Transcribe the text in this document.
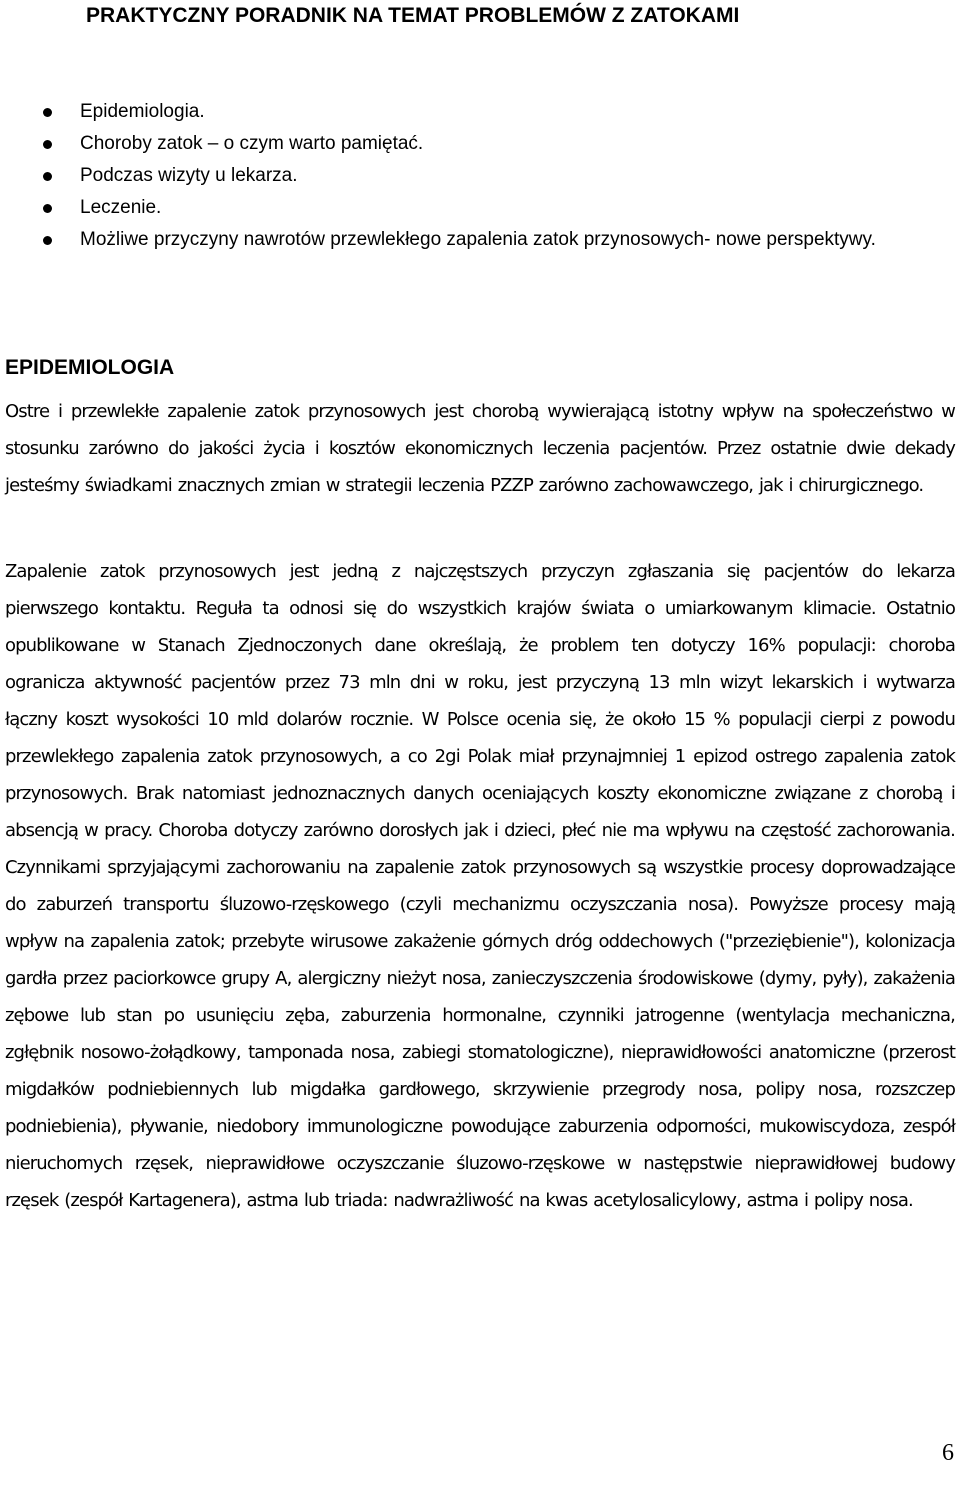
PRAKTYCZNY PORADNIK NA TEMAT PROBLEMÓW Z ZATOKAMI
Epidemiologia.
Choroby zatok – o czym warto pamiętać.
Podczas wizyty u lekarza.
Leczenie.
Możliwe przyczyny nawrotów przewlekłego zapalenia zatok przynosowych- nowe perspektywy.
EPIDEMIOLOGIA

Ostre i przewlekłe zapalenie zatok przynosowych jest chorobą wywierającą istotny wpływ na społeczeństwo w stosunku zarówno do jakości życia i kosztów ekonomicznych leczenia pacjentów. Przez ostatnie dwie dekady jesteśmy świadkami znacznych zmian w strategii leczenia PZZP zarówno zachowawczego, jak i chirurgicznego.

Zapalenie zatok przynosowych jest jedną z najczęstszych przyczyn zgłaszania się pacjentów do lekarza pierwszego kontaktu. Reguła ta odnosi się do wszystkich krajów świata o umiarkowanym klimacie. Ostatnio opublikowane w Stanach Zjednoczonych dane określają, że problem ten dotyczy 16% populacji: choroba ogranicza aktywność pacjentów przez 73 mln dni w roku, jest przyczyną 13 mln wizyt lekarskich i wytwarza łączny koszt wysokości 10 mld dolarów rocznie. W Polsce ocenia się, że około 15 % populacji cierpi z powodu przewlekłego zapalenia zatok przynosowych, a co 2gi Polak miał przynajmniej 1 epizod ostrego zapalenia zatok przynosowych. Brak natomiast jednoznacznych danych oceniających koszty ekonomiczne związane z chorobą i absencją w pracy. Choroba dotyczy zarówno dorosłych jak i dzieci, płeć nie ma wpływu na częstość zachorowania. Czynnikami sprzyjającymi zachorowaniu na zapalenie zatok przynosowych są wszystkie procesy doprowadzające do zaburzeń transportu śluzowo-rzęskowego (czyli mechanizmu oczyszczania nosa). Powyższe procesy mają wpływ na zapalenia zatok; przebyte wirusowe zakażenie górnych dróg oddechowych ("przeziębienie"), kolonizacja gardła przez paciorkowce grupy A, alergiczny nieżyt nosa, zanieczyszczenia środowiskowe (dymy, pyły), zakażenia zębowe lub stan po usunięciu zęba, zaburzenia hormonalne, czynniki jatrogenne (wentylacja mechaniczna, zgłębnik nosowo-żołądkowy, tamponada nosa, zabiegi stomatologiczne), nieprawidłowości anatomiczne (przerost migdałków podniebiennych lub migdałka gardłowego, skrzywienie przegrody nosa, polipy nosa, rozszczep podniebienia), pływanie, niedobory immunologiczne powodujące zaburzenia odporności, mukowiscydoza, zespół nieruchomych rzęsek, nieprawidłowe oczyszczanie śluzowo-rzęskowe w następstwie nieprawidłowej budowy rzęsek (zespół Kartagenera), astma lub triada: nadwrażliwość na kwas acetylosalicylowy, astma i polipy nosa.

6
